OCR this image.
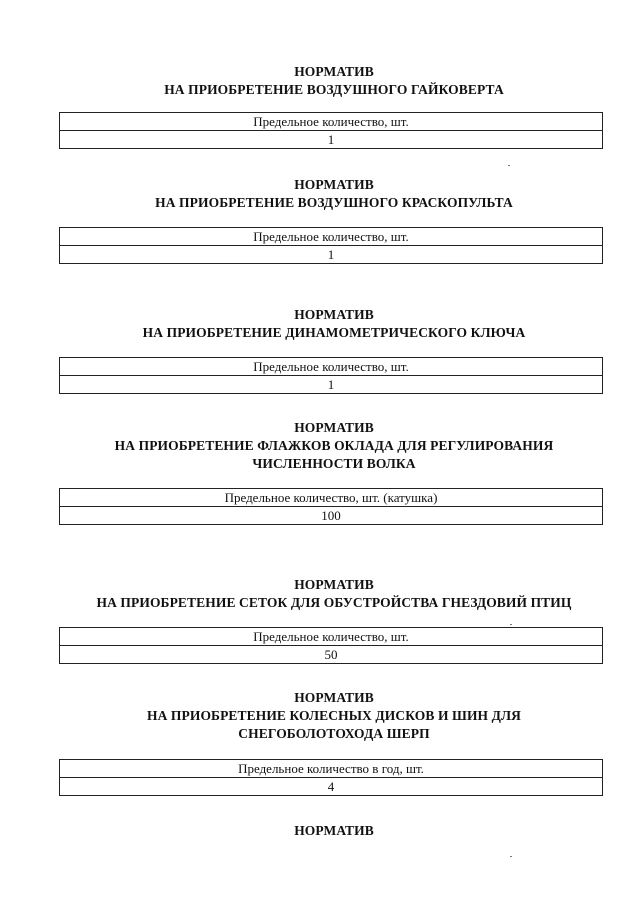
НОРМАТИВ
НА ПРИОБРЕТЕНИЕ ВОЗДУШНОГО ГАЙКОВЕРТА
Предельное количество, шт.
1
НОРМАТИВ
НА ПРИОБРЕТЕНИЕ ВОЗДУШНОГО КРАСКОПУЛЬТА
Предельное количество, шт.
1
НОРМАТИВ
НА ПРИОБРЕТЕНИЕ ДИНАМОМЕТРИЧЕСКОГО КЛЮЧА
Предельное количество, шт.
1
НОРМАТИВ
НА ПРИОБРЕТЕНИЕ ФЛАЖКОВ ОКЛАДА ДЛЯ РЕГУЛИРОВАНИЯ
ЧИСЛЕННОСТИ ВОЛКА
Предельное количество, шт. (катушка)
100
НОРМАТИВ
НА ПРИОБРЕТЕНИЕ СЕТОК ДЛЯ ОБУСТРОЙСТВА ГНЕЗДОВИЙ ПТИЦ
Предельное количество, шт.
50
НОРМАТИВ
НА ПРИОБРЕТЕНИЕ КОЛЕСНЫХ ДИСКОВ И ШИН ДЛЯ
СНЕГОБОЛОТОХОДА ШЕРП
Предельное количество в год, шт.
4
НОРМАТИВ
